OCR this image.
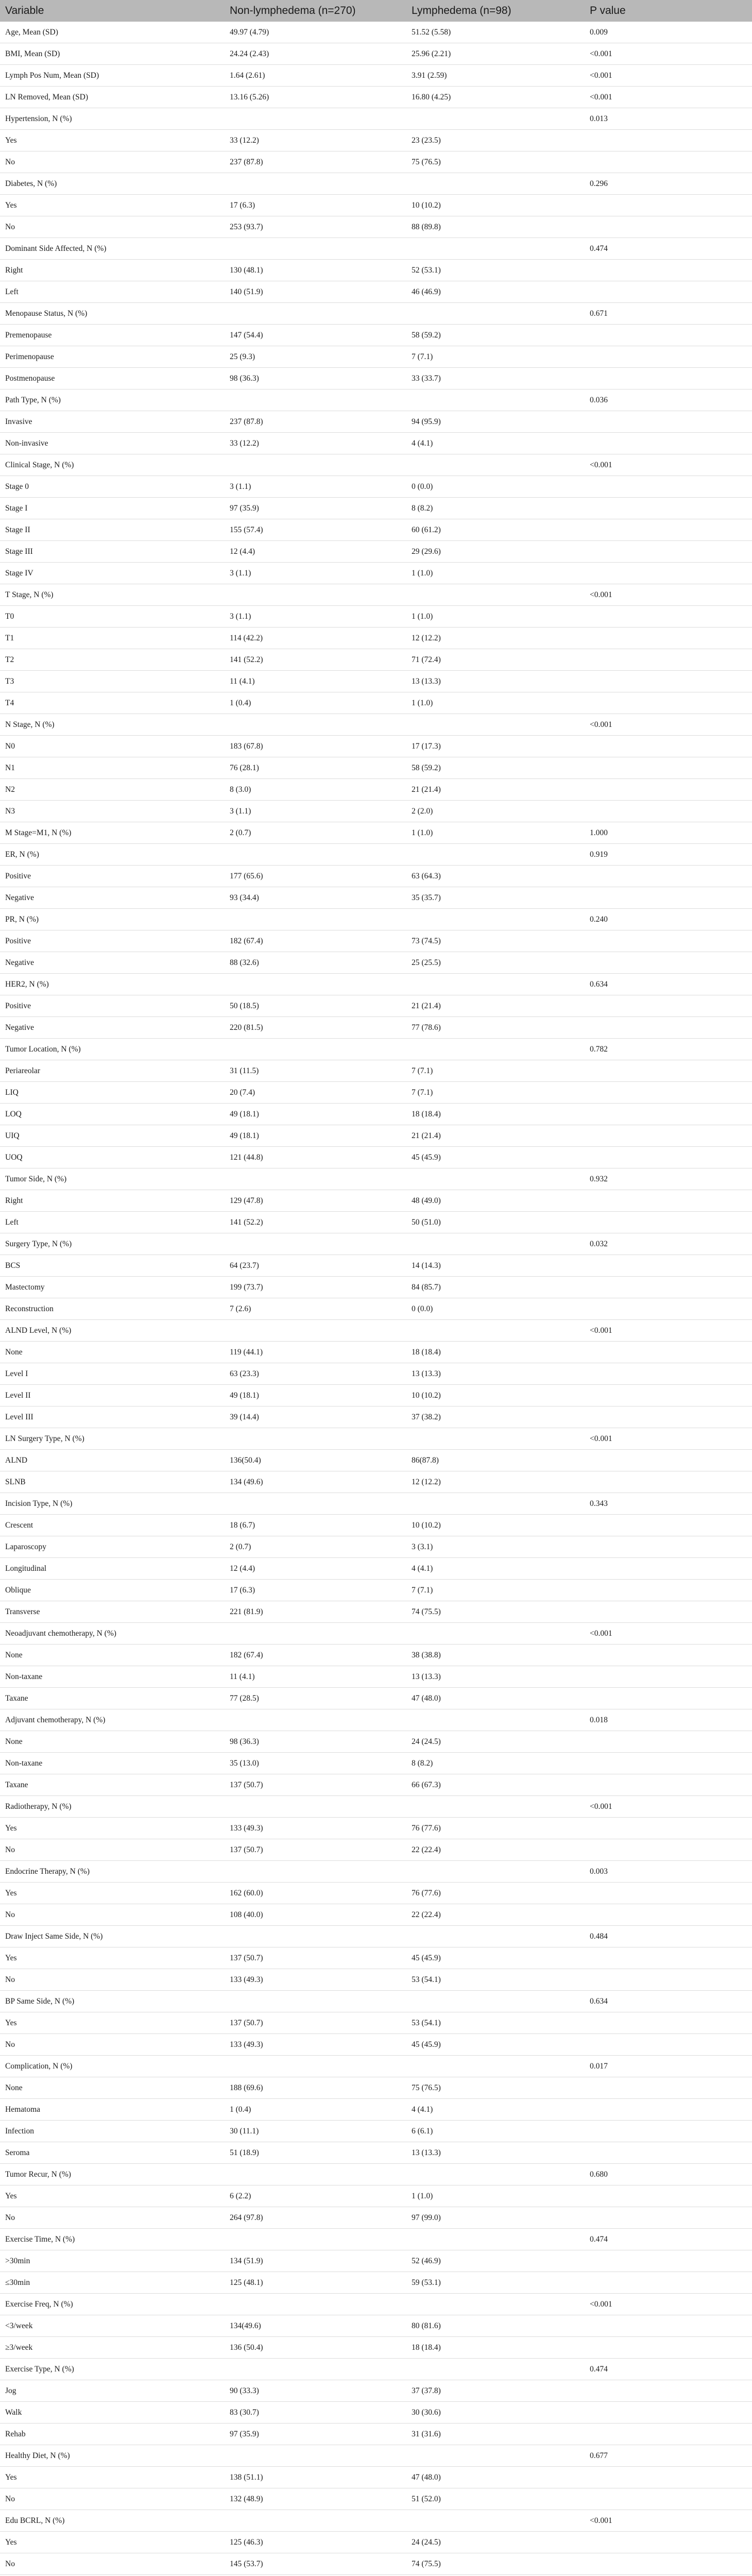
Variable	Non-lymphedema (n=270)	Lymphedema (n=98)	P value
Age, Mean (SD)	49.97 (4.79)	51.52 (5.58)	0.009
BMI, Mean (SD)	24.24 (2.43)	25.96 (2.21)	<0.001
Lymph Pos Num, Mean (SD)	1.64 (2.61)	3.91 (2.59)	<0.001
LN Removed, Mean (SD)	13.16 (5.26)	16.80 (4.25)	<0.001
Hypertension, N (%)			0.013
Yes	33 (12.2)	23 (23.5)	
No	237 (87.8)	75 (76.5)	
Diabetes, N (%)			0.296
Yes	17 (6.3)	10 (10.2)	
No	253 (93.7)	88 (89.8)	
Dominant Side Affected, N (%)			0.474
Right	130 (48.1)	52 (53.1)	
Left	140 (51.9)	46 (46.9)	
Menopause Status, N (%)			0.671
Premenopause	147 (54.4)	58 (59.2)	
Perimenopause	25 (9.3)	7 (7.1)	
Postmenopause	98 (36.3)	33 (33.7)	
Path Type, N (%)			0.036
Invasive	237 (87.8)	94 (95.9)	
Non-invasive	33 (12.2)	4 (4.1)	
Clinical Stage, N (%)			<0.001
Stage 0	3 (1.1)	0 (0.0)	
Stage I	97 (35.9)	8 (8.2)	
Stage II	155 (57.4)	60 (61.2)	
Stage III	12 (4.4)	29 (29.6)	
Stage IV	3 (1.1)	1 (1.0)	
T Stage, N (%)			<0.001
T0	3 (1.1)	1 (1.0)	
T1	114 (42.2)	12 (12.2)	
T2	141 (52.2)	71 (72.4)	
T3	11 (4.1)	13 (13.3)	
T4	1 (0.4)	1 (1.0)	
N Stage, N (%)			<0.001
N0	183 (67.8)	17 (17.3)	
N1	76 (28.1)	58 (59.2)	
N2	8 (3.0)	21 (21.4)	
N3	3 (1.1)	2 (2.0)	
M Stage=M1, N (%)	2 (0.7)	1 (1.0)	1.000
ER, N (%)			0.919
Positive	177 (65.6)	63 (64.3)	
Negative	93 (34.4)	35 (35.7)	
PR, N (%)			0.240
Positive	182 (67.4)	73 (74.5)	
Negative	88 (32.6)	25 (25.5)	
HER2, N (%)			0.634
Positive	50 (18.5)	21 (21.4)	
Negative	220 (81.5)	77 (78.6)	
Tumor Location, N (%)			0.782
Periareolar	31 (11.5)	7 (7.1)	
LIQ	20 (7.4)	7 (7.1)	
LOQ	49 (18.1)	18 (18.4)	
UIQ	49 (18.1)	21 (21.4)	
UOQ	121 (44.8)	45 (45.9)	
Tumor Side, N (%)			0.932
Right	129 (47.8)	48 (49.0)	
Left	141 (52.2)	50 (51.0)	
Surgery Type, N (%)			0.032
BCS	64 (23.7)	14 (14.3)	
Mastectomy	199 (73.7)	84 (85.7)	
Reconstruction	7 (2.6)	0 (0.0)	
ALND Level, N (%)			<0.001
None	119 (44.1)	18 (18.4)	
Level I	63 (23.3)	13 (13.3)	
Level II	49 (18.1)	10 (10.2)	
Level III	39 (14.4)	37 (38.2)	
LN Surgery Type, N (%)			<0.001
ALND	136(50.4)	86(87.8)	
SLNB	134 (49.6)	12 (12.2)	
Incision Type, N (%)			0.343
Crescent	18 (6.7)	10 (10.2)	
Laparoscopy	2 (0.7)	3 (3.1)	
Longitudinal	12 (4.4)	4 (4.1)	
Oblique	17 (6.3)	7 (7.1)	
Transverse	221 (81.9)	74 (75.5)	
Neoadjuvant chemotherapy, N (%)			<0.001
None	182 (67.4)	38 (38.8)	
Non-taxane	11 (4.1)	13 (13.3)	
Taxane	77 (28.5)	47 (48.0)	
Adjuvant chemotherapy, N (%)			0.018
None	98 (36.3)	24 (24.5)	
Non-taxane	35 (13.0)	8 (8.2)	
Taxane	137 (50.7)	66 (67.3)	
Radiotherapy, N (%)			<0.001
Yes	133 (49.3)	76 (77.6)	
No	137 (50.7)	22 (22.4)	
Endocrine Therapy, N (%)			0.003
Yes	162 (60.0)	76 (77.6)	
No	108 (40.0)	22 (22.4)	
Draw Inject Same Side, N (%)			0.484
Yes	137 (50.7)	45 (45.9)	
No	133 (49.3)	53 (54.1)	
BP Same Side, N (%)			0.634
Yes	137 (50.7)	53 (54.1)	
No	133 (49.3)	45 (45.9)	
Complication, N (%)			0.017
None	188 (69.6)	75 (76.5)	
Hematoma	1 (0.4)	4 (4.1)	
Infection	30 (11.1)	6 (6.1)	
Seroma	51 (18.9)	13 (13.3)	
Tumor Recur, N (%)			0.680
Yes	6 (2.2)	1 (1.0)	
No	264 (97.8)	97 (99.0)	
Exercise Time, N (%)			0.474
>30min	134 (51.9)	52 (46.9)	
≤30min	125 (48.1)	59 (53.1)	
Exercise Freq, N (%)			<0.001
<3/week	134(49.6)	80 (81.6)	
≥3/week	136 (50.4)	18 (18.4)	
Exercise Type, N (%)			0.474
Jog	90 (33.3)	37 (37.8)	
Walk	83 (30.7)	30 (30.6)	
Rehab	97 (35.9)	31 (31.6)	
Healthy Diet, N (%)			0.677
Yes	138 (51.1)	47 (48.0)	
No	132 (48.9)	51 (52.0)	
Edu BCRL, N (%)			<0.001
Yes	125 (46.3)	24 (24.5)	
No	145 (53.7)	74 (75.5)	
